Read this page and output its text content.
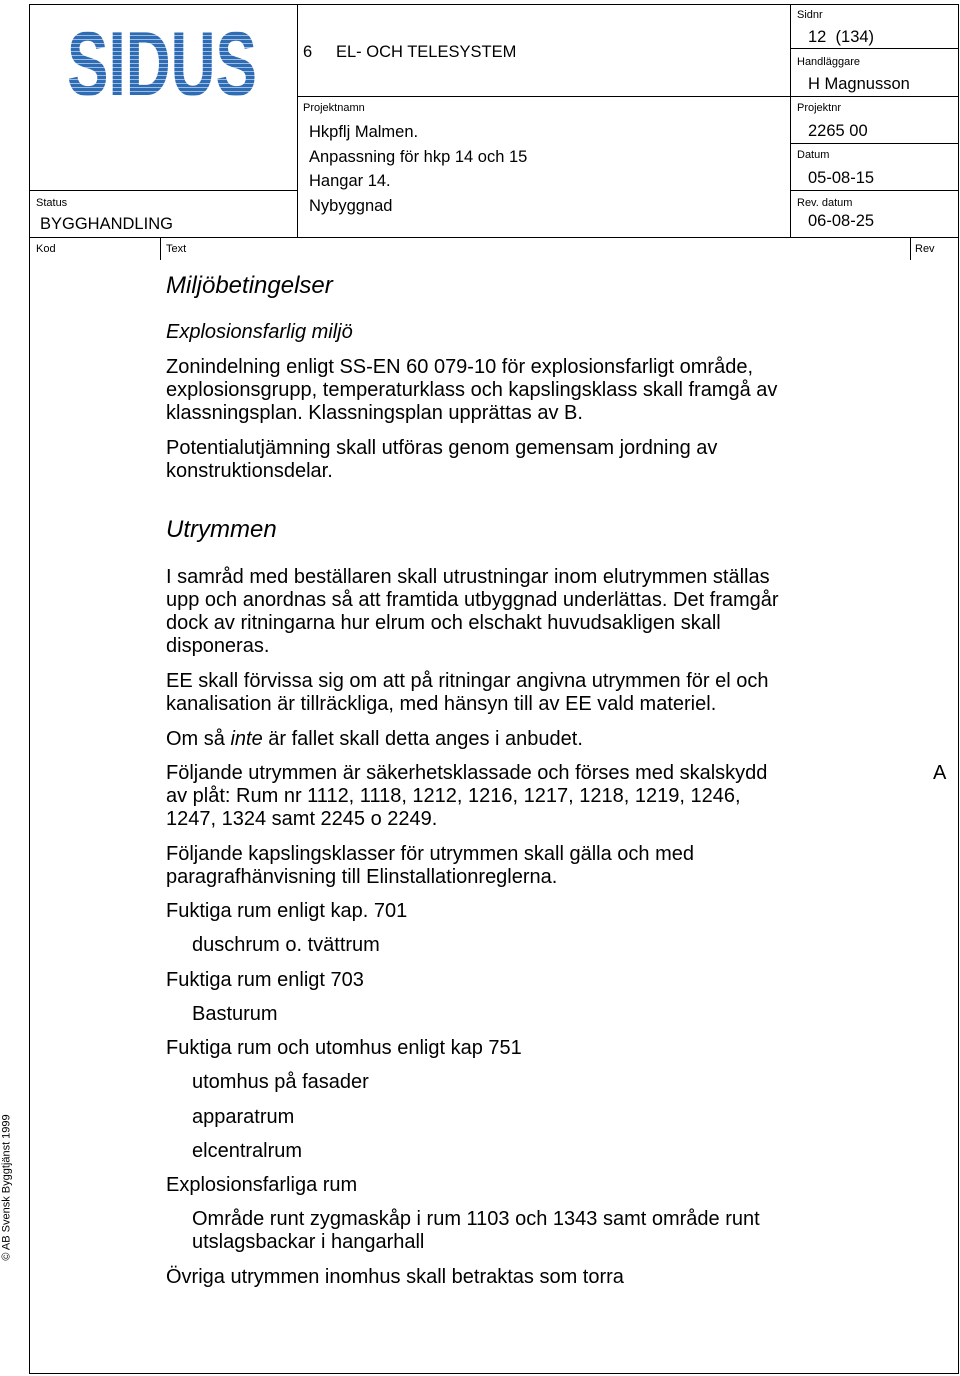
6 EL- OCH TELESYSTEM
Projektnamn
Hkpflj Malmen.
Anpassning för hkp 14 och 15
Hangar 14.
Nybyggnad
Status
BYGGHANDLING
Sidnr
12  (134)
Handläggare
H Magnusson
Projektnr
2265 00
Datum
05-08-15
Rev. datum
06-08-25
Kod	Text	Rev
Miljöbetingelser
Explosionsfarlig miljö
Zonindelning enligt SS-EN 60 079-10 för explosionsfarligt område,
explosionsgrupp, temperaturklass och kapslingsklass skall framgå av
klassningsplan. Klassningsplan upprättas av B.
Potentialutjämning skall utföras genom gemensam jordning av
konstruktionsdelar.
Utrymmen
I samråd med beställaren skall utrustningar inom elutrymmen ställas
upp och anordnas så att framtida utbyggnad underlättas. Det framgår
dock av ritningarna hur elrum och elschakt huvudsakligen skall
disponeras.
EE skall förvissa sig om att på ritningar angivna utrymmen för el och
kanalisation är tillräckliga, med hänsyn till av EE vald materiel.
Om så inte är fallet skall detta anges i anbudet.
Följande utrymmen är säkerhetsklassade och förses med skalskydd
av plåt: Rum nr 1112, 1118, 1212, 1216, 1217, 1218, 1219, 1246,
1247, 1324 samt 2245 o 2249.
A
Följande kapslingsklasser för utrymmen skall gälla och med
paragrafhänvisning till Elinstallationreglerna.
Fuktiga rum enligt kap. 701
duschrum o. tvättrum
Fuktiga rum enligt 703
Basturum
Fuktiga rum och utomhus enligt kap 751
utomhus på fasader
apparatrum
elcentralrum
Explosionsfarliga rum
Område runt zygmaskåp i rum 1103 och 1343 samt område runt utslagsbackar i hangarhall
Övriga utrymmen inomhus skall betraktas som torra
© AB Svensk Byggtjänst 1999
